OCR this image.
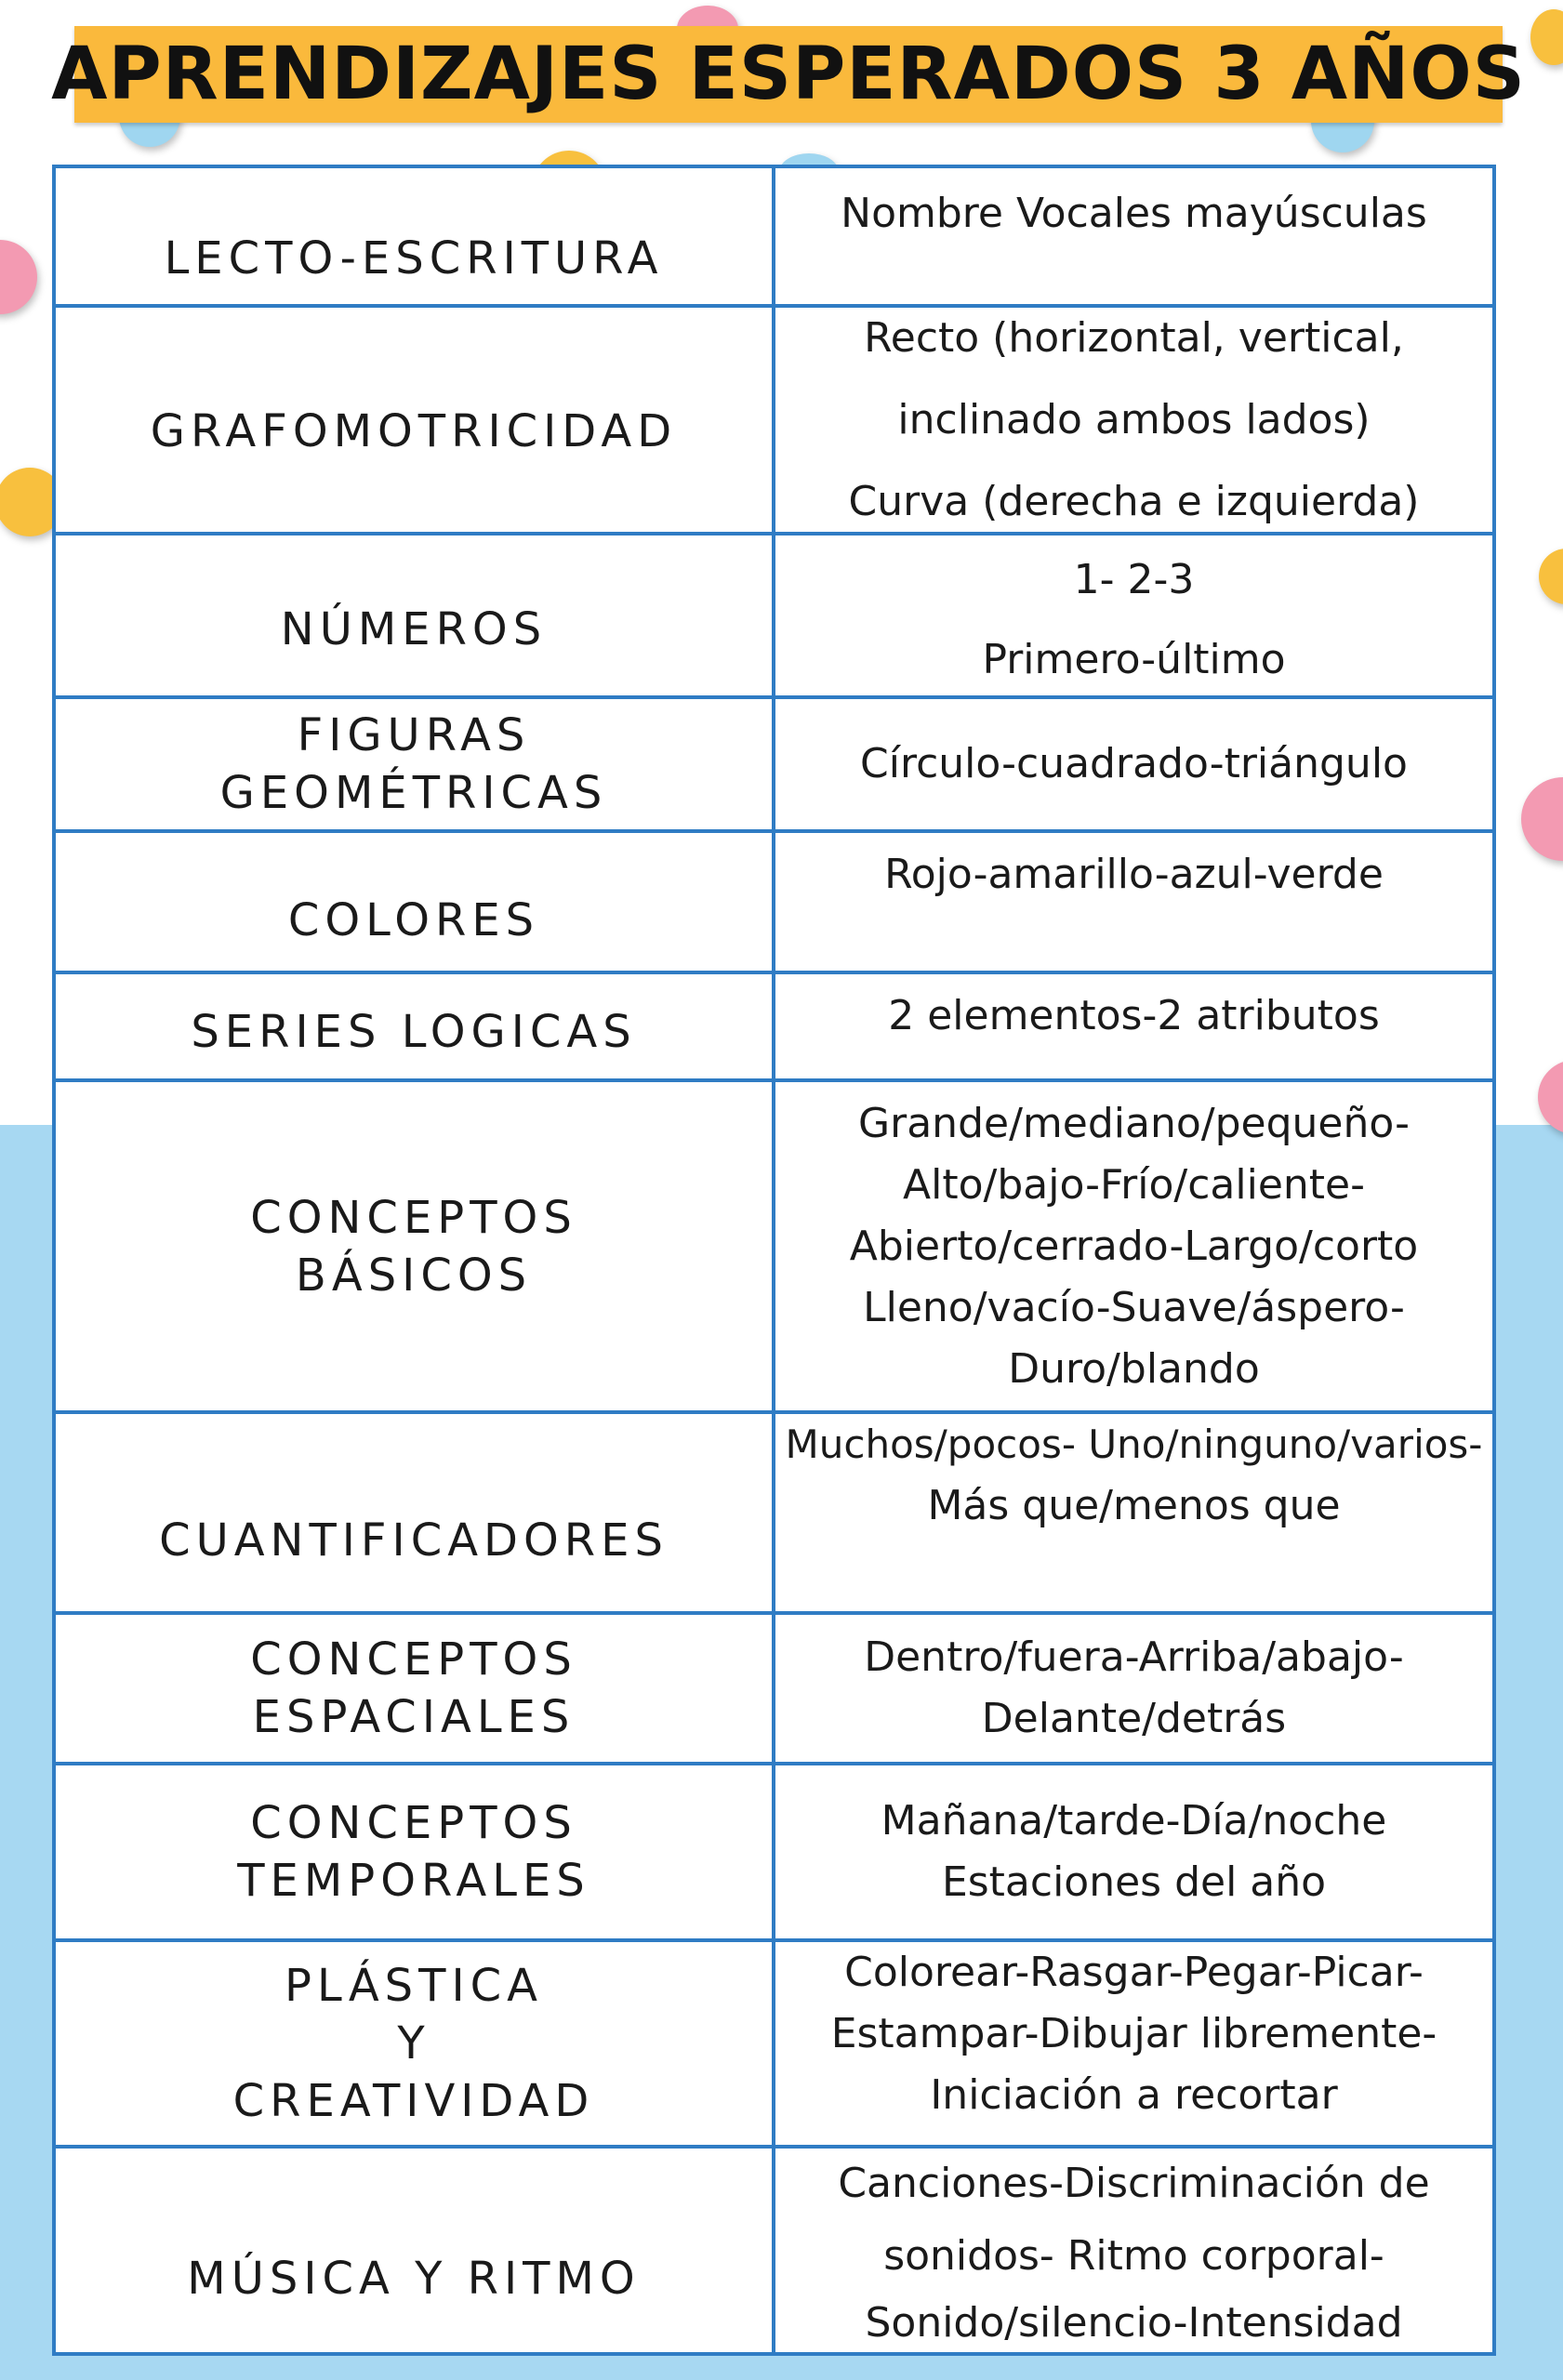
APRENDIZAJES ESPERADOS 3 AÑOS
LECTO-ESCRITURA
Nombre Vocales mayúsculas
GRAFOMOTRICIDAD
Recto (horizontal, vertical,
inclinado ambos lados)
Curva (derecha e izquierda)
NÚMEROS
1- 2-3
Primero-último
FIGURAS
GEOMÉTRICAS
Círculo-cuadrado-triángulo
COLORES
Rojo-amarillo-azul-verde
SERIES LOGICAS	2 elementos-2 atributos
CONCEPTOS
BÁSICOS
Grande/mediano/pequeño-
Alto/bajo-Frío/caliente-
Abierto/cerrado-Largo/corto
Lleno/vacío-Suave/áspero-
Duro/blando
CUANTIFICADORES
Muchos/pocos- Uno/ninguno/varios-
Más que/menos que
CONCEPTOS
ESPACIALES
Dentro/fuera-Arriba/abajo-
Delante/detrás
CONCEPTOS
TEMPORALES
Mañana/tarde-Día/noche
Estaciones del año
PLÁSTICA
Y
CREATIVIDAD
Colorear-Rasgar-Pegar-Picar-
Estampar-Dibujar libremente-
Iniciación a recortar
MÚSICA Y RITMO
Canciones-Discriminación de
sonidos- Ritmo corporal-
Sonido/silencio-Intensidad
